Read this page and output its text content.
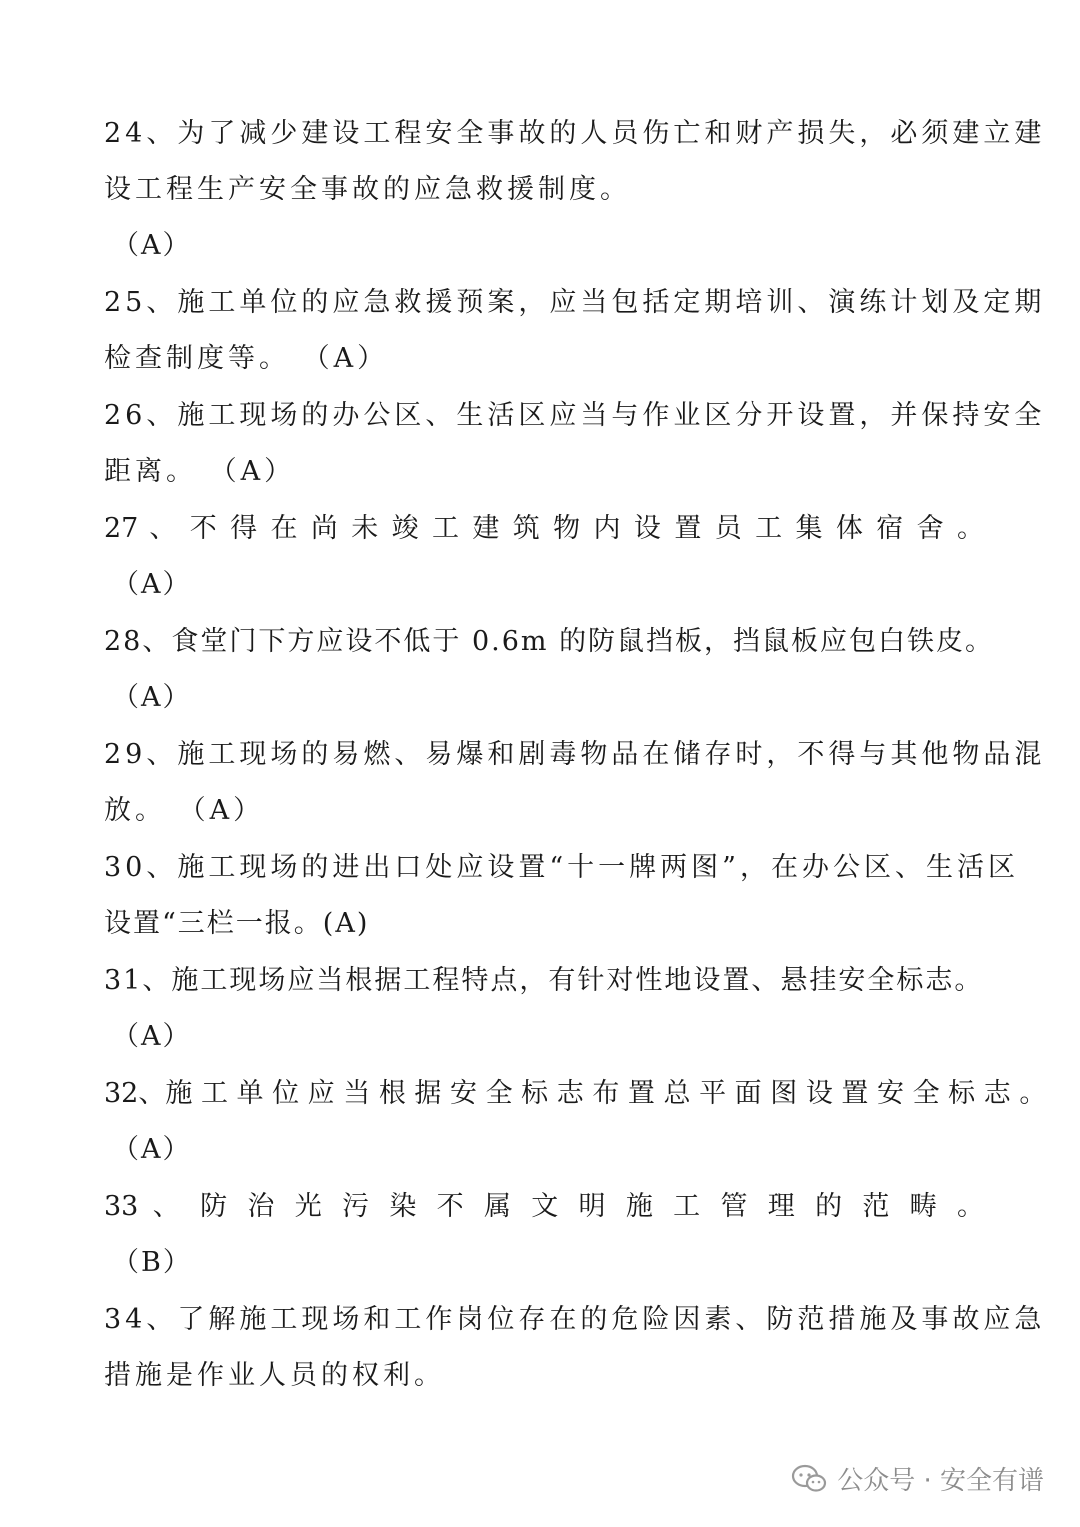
24、为了减少建设工程安全事故的人员伤亡和财产损失，必须建立建
设工程生产安全事故的应急救援制度。
（A）
25、施工单位的应急救援预案，应当包括定期培训、演练计划及定期
检查制度等。 （A）
26、施工现场的办公区、生活区应当与作业区分开设置，并保持安全
距离。 （A）
27 、 不 得 在 尚 未 竣 工 建 筑 物 内 设 置 员 工 集 体 宿 舍 。
（A）
28、食堂门下方应设不低于 0.6m 的防鼠挡板，挡鼠板应包白铁皮。
（A）
29、施工现场的易燃、易爆和剧毒物品在储存时，不得与其他物品混
放。 （A）
30、施工现场的进出口处应设置“十一牌两图”，在办公区、生活区
设置“三栏一报。(A)
31、施工现场应当根据工程特点，有针对性地设置、悬挂安全标志。
（A）
32、施 工 单 位 应 当 根 据 安 全 标 志 布 置 总 平 面 图 设 置 安 全 标 志 。
（A）
33 、 防 治 光 污 染 不 属 文 明 施 工 管 理 的 范 畴 。
（B）
34、了解施工现场和工作岗位存在的危险因素、防范措施及事故应急
措施是作业人员的权利。
公众号 · 安全有谱
